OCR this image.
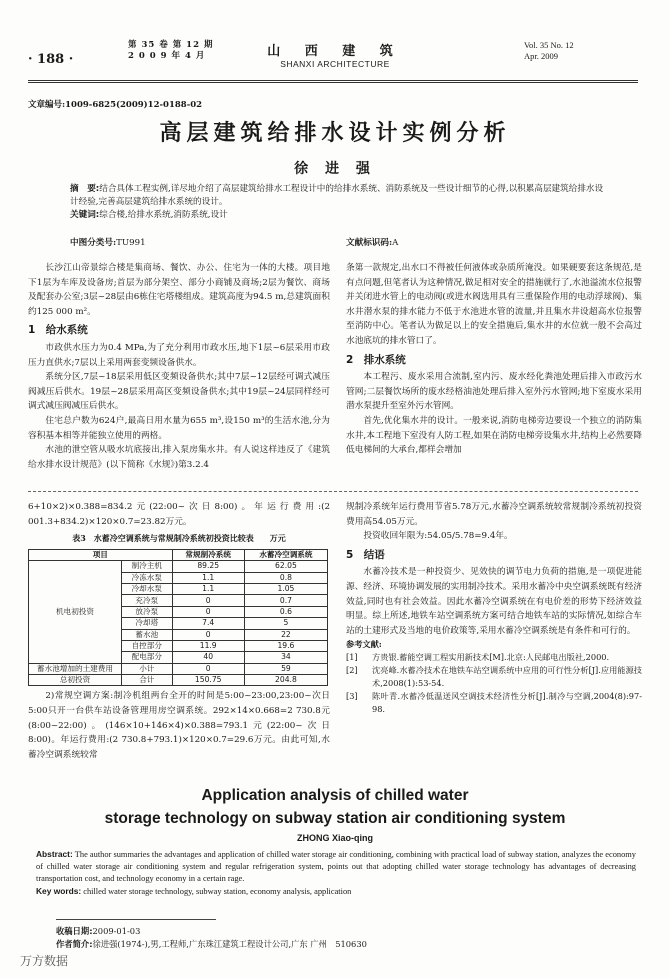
· 188 ·
第 35 卷 第 12 期
2 0 0 9 年 4 月	山 西 建 筑
SHANXI ARCHITECTURE
Vol. 35 No. 12
Apr. 2009
文章编号:1009-6825(2009)12-0188-02
高层建筑给排水设计实例分析
徐 进 强
摘　要:结合具体工程实例,详尽地介绍了高层建筑给排水工程设计中的给排水系统、消防系统及一些设计细节的心得,以积累高层建筑给排水设计经验,完善高层建筑给排水系统的设计。
关键词:综合楼,给排水系统,消防系统,设计
中图分类号:TU991	文献标识码:A

长沙江山帝景综合楼是集商场、餐饮、办公、住宅为一体的大楼。项目地下1层为车库及设备房;首层为部分架空、部分小商铺及商场;2层为餐饮、商场及配套办公室;3层~28层由6栋住宅塔楼组成。建筑高度为94.5 m,总建筑面积约125 000 m²。

1　给水系统

市政供水压力为0.4 MPa,为了充分利用市政水压,地下1层~6层采用市政压力直供水;7层以上采用两套变频设备供水。

系统分区,7层~18层采用低区变频设备供水;其中7层~12层经可调式减压阀减压后供水。19层~28层采用高区变频设备供水;其中19层~24层同样经可调式减压阀减压后供水。

住宅总户数为624户,最高日用水量为655 m³,设150 m³的生活水池,分为容积基本相等并能独立使用的两格。

水池的泄空管从吸水坑底接出,排入泵房集水井。有人说这样违反了《建筑给水排水设计规范》(以下简称《水规》)第3.2.4

条第一款规定,出水口不得被任何液体或杂质所淹没。如果硬要套这条规范,是有点问题,但笔者认为这种情况,做足相对安全的措施就行了,水池溢流水位报警并关闭进水管上的电动阀(或进水阀选用具有三重保险作用的电动浮球阀)、集水井潜水泵的排水能力不低于水池进水管的流量,并且集水井设超高水位报警至消防中心。笔者认为做足以上的安全措施后,集水井的水位就一般不会高过水池底坑的排水管口了。

2　排水系统

本工程污、废水采用合流制,室内污、废水经化粪池处理后排入市政污水管网;二层餐饮场所的废水经格油池处理后排入室外污水管网;地下室废水采用潜水泵提升至室外污水管网。

首先,优化集水井的设计。一般来说,消防电梯旁边要设一个独立的消防集水井,本工程地下室没有人防工程,如果在消防电梯旁设集水井,结构上必然要降低电梯间的大承台,都样会增加

6+10×2)×0.388=834.2元(22:00~次日8:00)。年运行费用:(2 001.3+834.2)×120×0.7=23.82万元。

表3　水蓄冷空调系统与常规制冷系统初投资比较表　　万元
项目		常规制冷系统	水蓄冷空调系统
机电初投资	制冷主机	89.25	62.05
	冷冻水泵	1.1	0.8
	冷却水泵	1.1	1.05
	充冷泵	0	0.7
	放冷泵	0	0.6
	冷却塔	7.4	5
	蓄水池	0	22
	自控部分	11.9	19.6
	配电部分	40	34
蓄水池增加的土建费用	小计	0	59
总初投资	合计	150.75	204.8

2)常规空调方案:制冷机组两台全开的时间是5:00~23:00,23:00~次日5:00只开一台供车站设备管理用房空调系统。292×14×0.668=2 730.8元(8:00~22:00)。(146×10+146×4)×0.388=793.1元(22:00~次日8:00)。年运行费用:(2 730.8+793.1)×120×0.7=29.6万元。由此可知,水蓄冷空调系统较常

规制冷系统年运行费用节省5.78万元,水蓄冷空调系统较常规制冷系统初投资费用高54.05万元。

投资收回年限为:54.05/5.78=9.4年。

5　结语

水蓄冷技术是一种投资少、见效快的调节电力负荷的措施,是一项促进能源、经济、环境协调发展的实用制冷技术。采用水蓄冷中央空调系统既有经济效益,同时也有社会效益。因此水蓄冷空调系统在有电价差的形势下经济效益明显。综上所述,地铁车站空调系统方案可结合地铁车站的实际情况,如综合车站的土建形式及当地的电价政策等,采用水蓄冷空调系统是有条件和可行的。

参考文献:
[1] 方贵银.蓄能空调工程实用新技术[M].北京:人民邮电出版社,2000.
[2] 沈亮峰.水蓄冷技术在地铁车站空调系统中应用的可行性分析[J].应用能源技术,2008(1):53-54.
[3] 陈叶青.水蓄冷低温送风空调技术经济性分析[J].制冷与空调,2004(8):97-98.
Application analysis of chilled water
storage technology on subway station air conditioning system
ZHONG Xiao-qing
Abstract: The author summaries the advantages and application of chilled water storage air conditioning, combining with practical load of subway station, analyzes the economy of chilled water storage air conditioning system and regular refrigeration system, points out that adopting chilled water storage technology has advantages of decreasing transportation cost, and technology economy in a certain rage.
Key words: chilled water storage technology, subway station, economy analysis, application
收稿日期:2009-01-03
作者简介:徐进强(1974-),男,工程师,广东珠江建筑工程设计公司,广东 广州　510630
万方数据
